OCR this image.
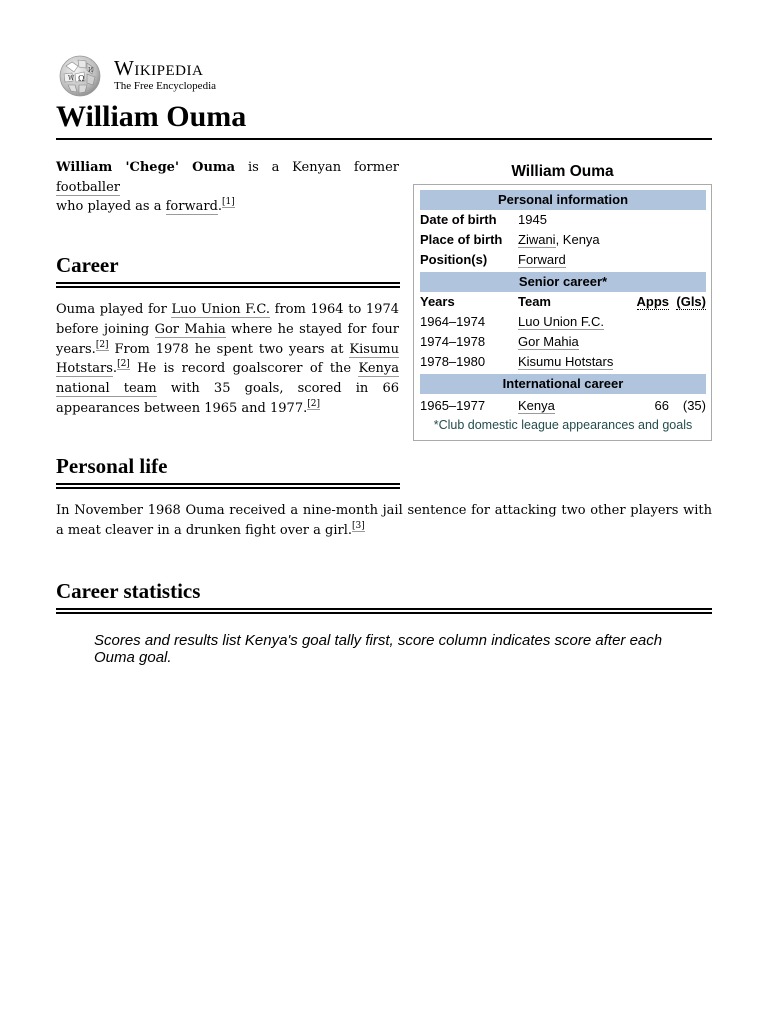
Ω
И
W Wikipedia
The Free Encyclopedia
William Ouma
William Ouma
Personal information
Date of birth	1945
Place of birth	Ziwani, Kenya
Position(s)	Forward
Senior career*
Years	Team	Apps (Gls)
1964–1974	Luo Union F.C.
1974–1978	Gor Mahia
1978–1980	Kisumu Hotstars
International career
1965–1977	Kenya	66	(35)
*Club domestic league appearances and goals

William 'Chege' Ouma is a Kenyan former footballer
who played as a forward.[1]

Career

Ouma played for Luo Union F.C. from 1964 to 1974 before joining Gor Mahia where he stayed for four years.[2] From 1978 he spent two years at Kisumu Hotstars.[2] He is record goalscorer of the Kenya national team with 35 goals, scored in 66 appearances between 1965 and 1977.[2]

Personal life

In November 1968 Ouma received a nine-month jail sentence for attacking two other players with a meat cleaver in a drunken fight over a girl.[3]

Career statistics

Scores and results list Kenya's goal tally first, score column indicates score after each Ouma goal.
